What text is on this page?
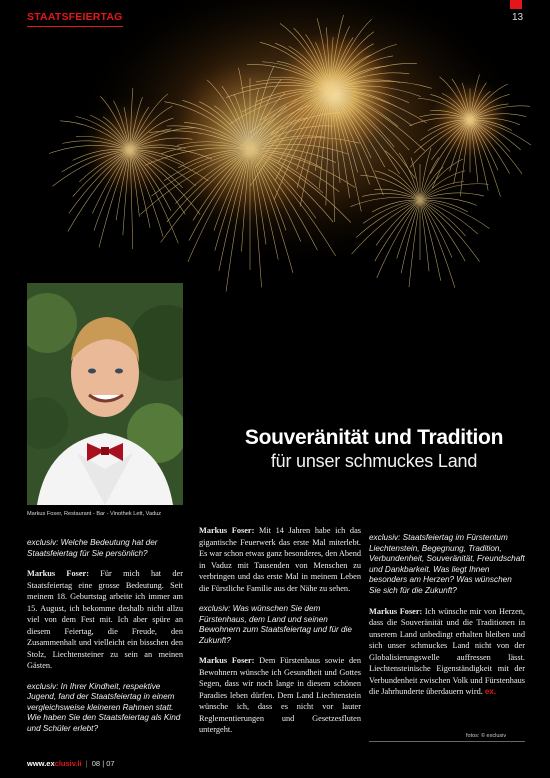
STAATSFEIERTAG	13
Markus Foser, Restaurant - Bar - Vinothek Lett, Vaduz
Souveränität und Tradition
für unser schmuckes Land
exclusiv: Welche Bedeutung hat der Staatsfeiertag für Sie persönlich?

Markus Foser: Für mich hat der Staatsfeiertag eine grosse Bedeutung. Seit meinem 18. Geburtstag arbeite ich immer am 15. August, ich bekomme deshalb nicht allzu viel von dem Fest mit. Ich aber spüre an diesem Feiertag, die Freude, den Zusammenhalt und vielleicht ein bisschen den Stolz, Liechtensteiner zu sein an meinen Gästen.

exclusiv: In Ihrer Kindheit, respektive Jugend, fand der Staatsfeiertag in einem vergleichsweise kleineren Rahmen statt. Wie haben Sie den Staatsfeiertag als Kind und Schüler erlebt?

Markus Foser: Mit 14 Jahren habe ich das gigantische Feuerwerk das erste Mal miterlebt. Es war schon etwas ganz besonderes, den Abend in Vaduz mit Tausenden von Menschen zu verbringen und das erste Mal in meinem Leben die Fürstliche Familie aus der Nähe zu sehen.

exclusiv: Was wünschen Sie dem Fürstenhaus, dem Land und seinen Bewohnern zum Staatsfeiertag und für die Zukunft?

Markus Foser: Dem Fürstenhaus sowie den Bewohnern wünsche ich Gesundheit und Gottes Segen, dass wir noch lange in diesem schönen Paradies leben dürfen. Dem Land Liechtenstein wünsche ich, dass es nicht vor lauter Reglementierungen und Gesetzesfluten untergeht.

exclusiv: Staatsfeiertag im Fürstentum Liechtenstein, Begegnung, Tradition, Verbundenheit, Souveränität, Freundschaft und Dankbarkeit. Was liegt Ihnen besonders am Herzen? Was wünschen Sie sich für die Zukunft?

Markus Foser: Ich wünsche mir von Herzen, dass die Souveränität und die Traditionen in unserem Land unbedingt erhalten bleiben und sich unser schmuckes Land nicht von der Globalisierungswelle auffressen lässt. Liechtensteinische Eigenständigkeit mit der Verbundenheit zwischen Volk und Fürstenhaus die Jahrhunderte überdauern wird. ex.

fotos: © exclusiv
www.exclusiv.li | 08 | 07
